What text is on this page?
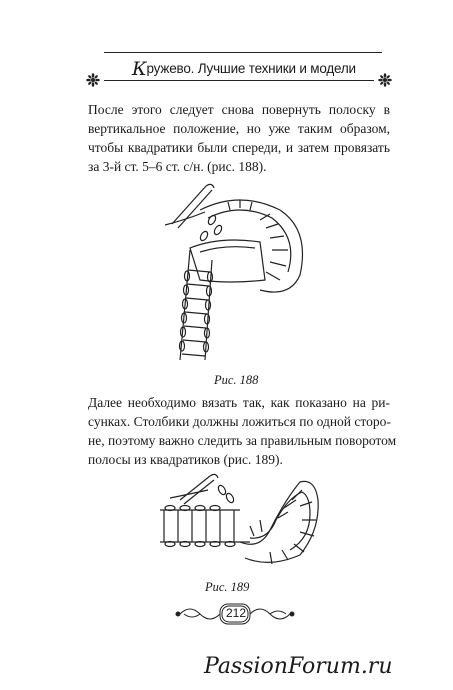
Кружево. Лучшие техники и модели

После этого следует снова повернуть полоску в
вертикальное положение, но уже таким образом,
чтобы квадратики были спереди, и затем провязать
за 3-й ст. 5–6 ст. с/н. (рис. 188).

Рис. 188

Далее необходимо вязать так, как показано на ри-
сунках. Столбики должны ложиться по одной сторо-
не, поэтому важно следить за правильным поворотом
полосы из квадратиков (рис. 189).

Рис. 189
212
PassionForum.ru
